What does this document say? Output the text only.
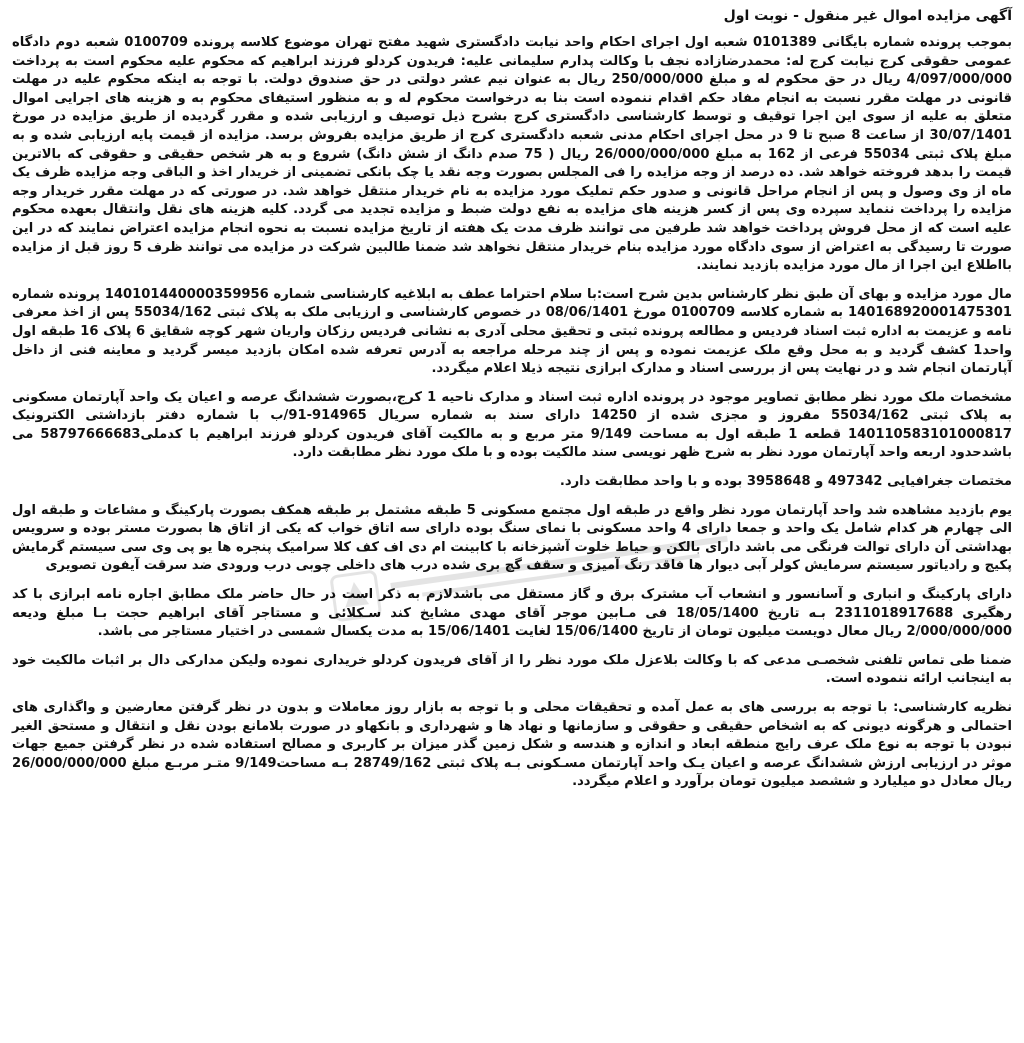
آگهی مزایده اموال غیر منقول - نوبت اول

بموجب پرونده شماره بایگانی 0101389 شعبه اول اجرای احکام واحد نیابت دادگستری شهید مفتح تهران موضوع کلاسه پرونده 0100709 شعبه دوم دادگاه عمومی حقوقی کرج نیابت کرج له: محمدرضازاده نجف با وکالت پدارم سلیمانی علیه: فریدون کردلو فرزند ابراهیم که محکوم علیه محکوم است به پرداخت 4/097/000/000 ریال در حق محکوم له و مبلغ 250/000/000 ریال به عنوان نیم عشر دولتی در حق صندوق دولت. با توجه به اینکه محکوم علیه در مهلت قانونی در مهلت مقرر نسبت به انجام مفاد حکم اقدام ننموده است بنا به درخواست محکوم له و به منظور استیفای محکوم به و هزینه های اجرایی اموال متعلق به علیه از سوی این اجرا توقیف و توسط کارشناسی دادگستری کرج بشرح ذیل توصیف و ارزیابی شده و مقرر گردیده از طریق مزایده در مورخ 30/07/1401 از ساعت 8 صبح تا 9 در محل اجرای احکام مدنی شعبه دادگستری کرج از طریق مزایده بفروش برسد. مزایده از قیمت پایه ارزیابی شده و به مبلغ پلاک ثبتی 55034 فرعی از 162 به مبلغ 26/000/000/000 ریال ( 75 صدم دانگ از شش دانگ) شروع و به هر شخص حقیقی و حقوقی که بالاترین قیمت را بدهد فروخته خواهد شد. ده درصد از وجه مزایده را فی المجلس بصورت وجه نقد یا چک بانکی تضمینی از خریدار اخذ و الباقی وجه مزایده ظرف یک ماه از وی وصول و پس از انجام مراحل قانونی و صدور حکم تملیک مورد مزایده به نام خریدار منتقل خواهد شد. در صورتی که در مهلت مقرر خریدار وجه مزایده را پرداخت ننماید سپرده وی پس از کسر هزینه های مزایده به نفع دولت ضبط و مزایده تجدید می گردد. کلیه هزینه های نقل وانتقال بعهده محکوم علیه است که از محل فروش پرداخت خواهد شد طرفین می توانند ظرف مدت یک هفته از تاریخ مزایده نسبت به نحوه انجام مزایده اعتراض نمایند که در این صورت تا رسیدگی به اعتراض از سوی دادگاه مورد مزایده بنام خریدار منتقل نخواهد شد ضمنا طالبین شرکت در مزایده می توانند ظرف 5 روز قبل از مزایده بااطلاع این اجرا از مال مورد مزایده بازدید نمایند.

مال مورد مزایده و بهای آن طبق نظر کارشناس بدین شرح است:با سلام احتراما عطف به ابلاغیه کارشناسی شماره 140101440000359956 پرونده شماره 140168920001475301 به شماره کلاسه 0100709 مورخ 08/06/1401 در خصوص کارشناسی و ارزیابی ملک به پلاک ثبتی 55034/162 پس از اخذ معرفی نامه و عزیمت به اداره ثبت اسناد فردیس و مطالعه پرونده ثبتی و تحقیق محلی آدری به نشانی فردیس رزکان واریان شهر کوچه شقایق 6 پلاک 16 طبقه اول واحد1 کشف گردید و به محل وقع ملک عزیمت نموده و پس از چند مرحله مراجعه به آدرس تعرفه شده امکان بازدید میسر گردید و معاینه فنی از داخل آپارتمان انجام شد و در نهایت پس از بررسی اسناد و مدارک ابرازی نتیجه ذیلا اعلام میگردد.

مشخصات ملک مورد نظر مطابق تصاویر موجود در پرونده اداره ثبت اسناد و مدارک ناحیه 1 کرج،بصورت ششدانگ عرصه و اعیان یک واحد آپارتمان مسکونی به پلاک ثبتی 55034/162 مفروز و مجزی شده از 14250 دارای سند به شماره سریال 914965-91/ب با شماره دفتر بازداشتی الکترونیک 140110583101000817 قطعه 1 طبقه اول به مساحت 9/149 متر مربع و به مالکیت آقای فریدون کردلو فرزند ابراهیم با کدملی58797666683 می باشدحدود اربعه واحد آپارتمان مورد نظر به شرح ظهر نویسی سند مالکیت بوده و با ملک مورد نظر مطابقت دارد.

مختصات جغرافیایی 497342 و 3958648 بوده و با واحد مطابقت دارد.

یوم بازدید مشاهده شد واحد آپارتمان مورد نظر واقع در طبقه اول مجتمع مسکونی 5 طبقه مشتمل بر طبقه همکف بصورت پارکینگ و مشاعات و طبقه اول الی چهارم هر کدام شامل یک واحد و جمعا دارای 4 واحد مسکونی با نمای سنگ بوده دارای سه اتاق خواب که یکی از اتاق ها بصورت مستر بوده و سرویس بهداشتی آن دارای توالت فرنگی می باشد دارای بالکن و حیاط خلوت آشپزخانه با کابینت ام دی اف کف کلا سرامیک پنجره ها یو پی وی سی سیستم گرمایش پکیج و رادیاتور سیستم سرمایش کولر آبی دیوار ها فاقد رنگ آمیزی و سقف گچ بری شده درب های داخلی چوبی درب ورودی ضد سرقت آیفون تصویری

دارای پارکینگ و انباری و آسانسور و انشعاب آب مشترک برق و گاز مستقل می باشدلازم به ذکر است در حال حاضر ملک مطابق اجاره نامه ابرازی با کد رهگیری 2311018917688 بـه تاریخ 18/05/1400 فی مـابین موجر آقای مهدی مشایخ کند سـکلائی و مستاجر آقای ابراهیم حجت بـا مبلغ ودیعه 2/000/000/000 ریال معال دویست میلیون تومان از تاریخ 15/06/1400 لغایت 15/06/1401 به مدت یکسال شمسی در اختیار مستاجر می باشد.

ضمنا طی تماس تلفنی شخصـی مدعی که با وکالت بلاعزل ملک مورد نظر را از آقای فریدون کردلو خریداری نموده ولیکن مدارکی دال بر اثبات مالکیت خود به اینجانب ارائه ننموده است.

نظریه کارشناسی: با توجه به بررسی های به عمل آمده و تحقیقات محلی و با توجه به بازار روز معاملات و بدون در نظر گرفتن معارضین و واگذاری های احتمالی و هرگونه دیونی که به اشخاص حقیقی و حقوقی و سازمانها و نهاد ها و شهرداری و بانکهاو در صورت بلامانع بودن نقل و انتقال و مستحق الغیر نبودن با توجه به نوع ملک عرف رایج منطقه ابعاد و اندازه و هندسه و شکل زمین گذر میزان بر کاربری و مصالح استفاده شده در نظر گرفتن جمیع جهات موثر در ارزیابی ارزش ششدانگ عرصه و اعیان یـک واحد آپارتمان مسـکونی بـه پلاک ثبتی 28749/162 بـه مساحت9/149 متـر مربـع مبلغ 26/000/000/000 ریال معادل دو میلیارد و ششصد میلیون تومان برآورد و اعلام میگردد.
